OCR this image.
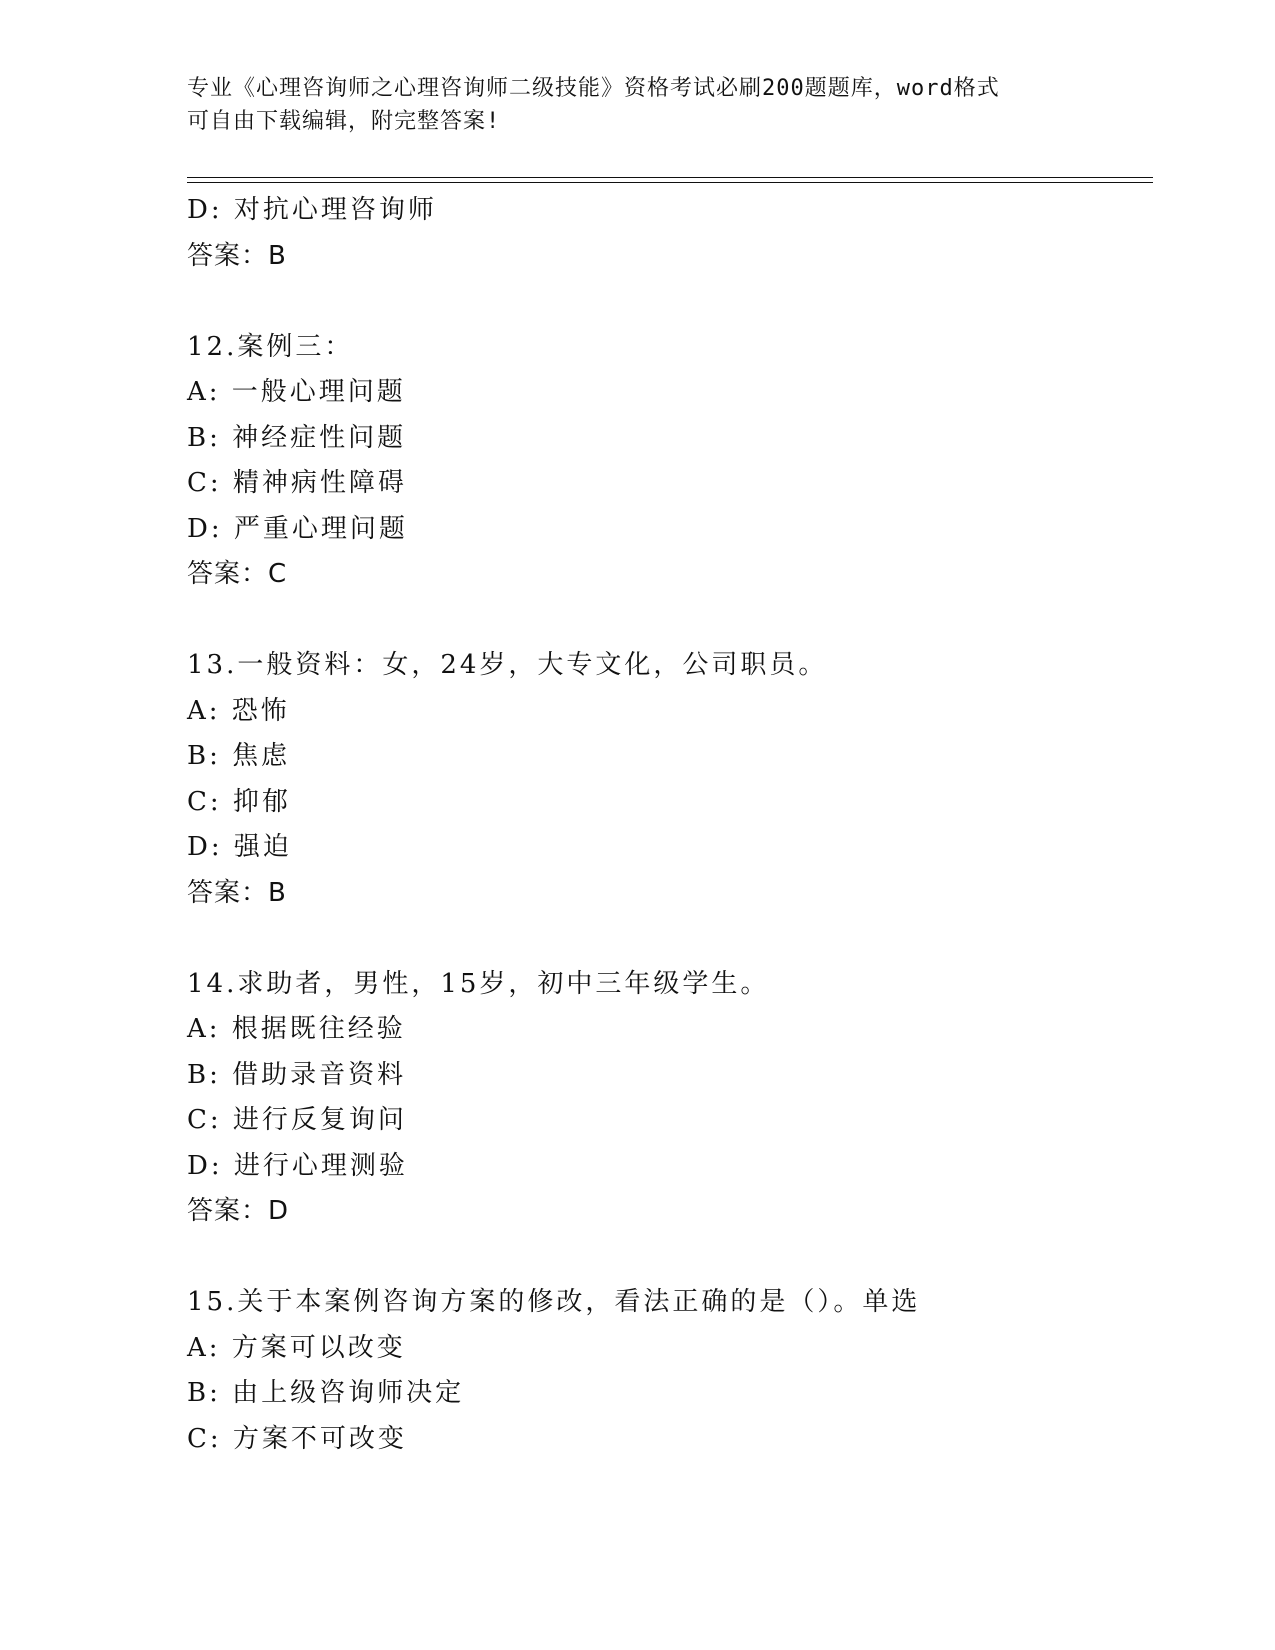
专业《心理咨询师之心理咨询师二级技能》资格考试必刷200题题库，word格式
可自由下载编辑，附完整答案!
D: 对抗心理咨询师
答案：B
12.案例三：
A: 一般心理问题
B: 神经症性问题
C: 精神病性障碍
D: 严重心理问题
答案：C
13.一般资料：女，24岁，大专文化，公司职员。
A: 恐怖
B: 焦虑
C: 抑郁
D: 强迫
答案：B
14.求助者，男性，15岁，初中三年级学生。
A: 根据既往经验
B: 借助录音资料
C: 进行反复询问
D: 进行心理测验
答案：D
15.关于本案例咨询方案的修改，看法正确的是（）。单选
A: 方案可以改变
B: 由上级咨询师决定
C: 方案不可改变
